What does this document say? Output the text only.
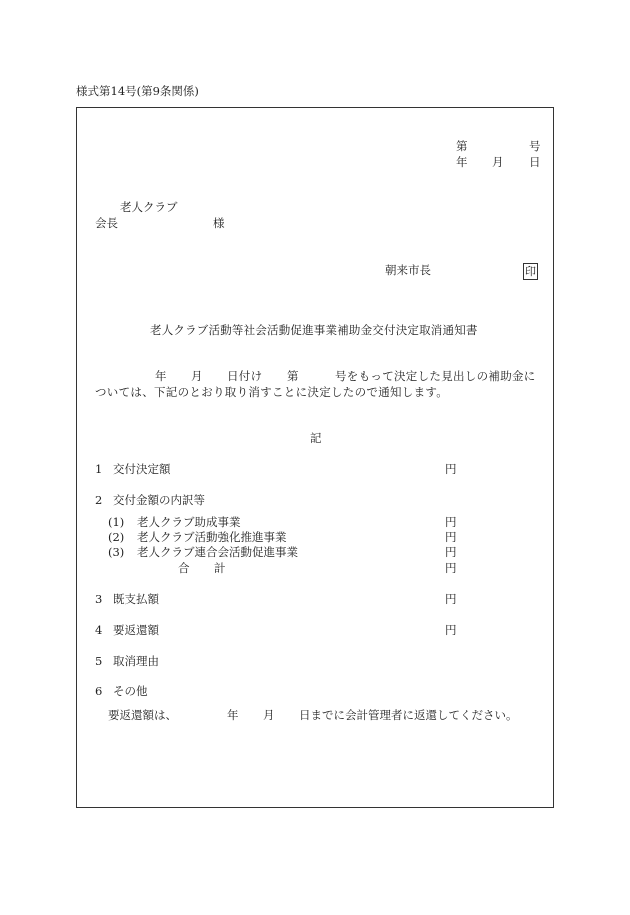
様式第14号(第9条関係)
第	号
年 月 日
老人クラブ
会長	様
朝来市長	印
老人クラブ活動等社会活動促進事業補助金交付決定取消通知書
年 月 日付け 第	号をもって決定した見出しの補助金に
ついては、下記のとおり取り消すことに決定したので通知します。
記
1 交付決定額	円
2 交付金額の内訳等
(1) 老人クラブ助成事業	円
(2) 老人クラブ活動強化推進事業	円
(3) 老人クラブ連合会活動促進事業	円
合 計	円
3 既支払額	円
4 要返還額	円
5 取消理由
6 その他
要返還額は、	年 月 日までに会計管理者に返還してください。
